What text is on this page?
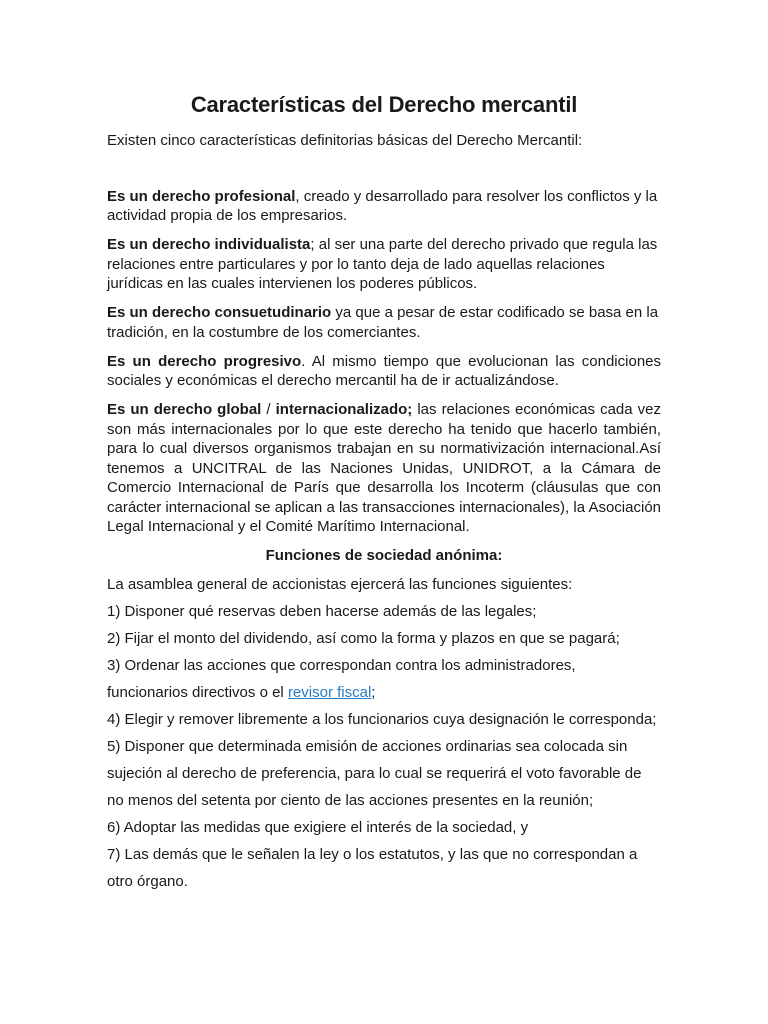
Características del Derecho mercantil

Existen cinco características definitorias básicas del Derecho Mercantil:

Es un derecho profesional, creado y desarrollado para resolver los conflictos y la actividad propia de los empresarios.

Es un derecho individualista; al ser una parte del derecho privado que regula las relaciones entre particulares y por lo tanto deja de lado aquellas relaciones jurídicas en las cuales intervienen los poderes públicos.

Es un derecho consuetudinario ya que a pesar de estar codificado se basa en la tradición, en la costumbre de los comerciantes.

Es un derecho progresivo. Al mismo tiempo que evolucionan las condiciones sociales y económicas el derecho mercantil ha de ir actualizándose.

Es un derecho global / internacionalizado; las relaciones económicas cada vez son más internacionales por lo que este derecho ha tenido que hacerlo también, para lo cual diversos organismos trabajan en su normativización internacional.Así tenemos a UNCITRAL de las Naciones Unidas, UNIDROT, a la Cámara de Comercio Internacional de París que desarrolla los Incoterm (cláusulas que con carácter internacional se aplican a las transacciones internacionales), la Asociación Legal Internacional y el Comité Marítimo Internacional.

Funciones de sociedad anónima:

La asamblea general de accionistas ejercerá las funciones siguientes:

1) Disponer qué reservas deben hacerse además de las legales;

2) Fijar el monto del dividendo, así como la forma y plazos en que se pagará;

3) Ordenar las acciones que correspondan contra los administradores,

funcionarios directivos o el revisor fiscal;

4) Elegir y remover libremente a los funcionarios cuya designación le corresponda;

5) Disponer que determinada emisión de acciones ordinarias sea colocada sin

sujeción al derecho de preferencia, para lo cual se requerirá el voto favorable de

no menos del setenta por ciento de las acciones presentes en la reunión;

6) Adoptar las medidas que exigiere el interés de la sociedad, y

7) Las demás que le señalen la ley o los estatutos, y las que no correspondan a

otro órgano.
